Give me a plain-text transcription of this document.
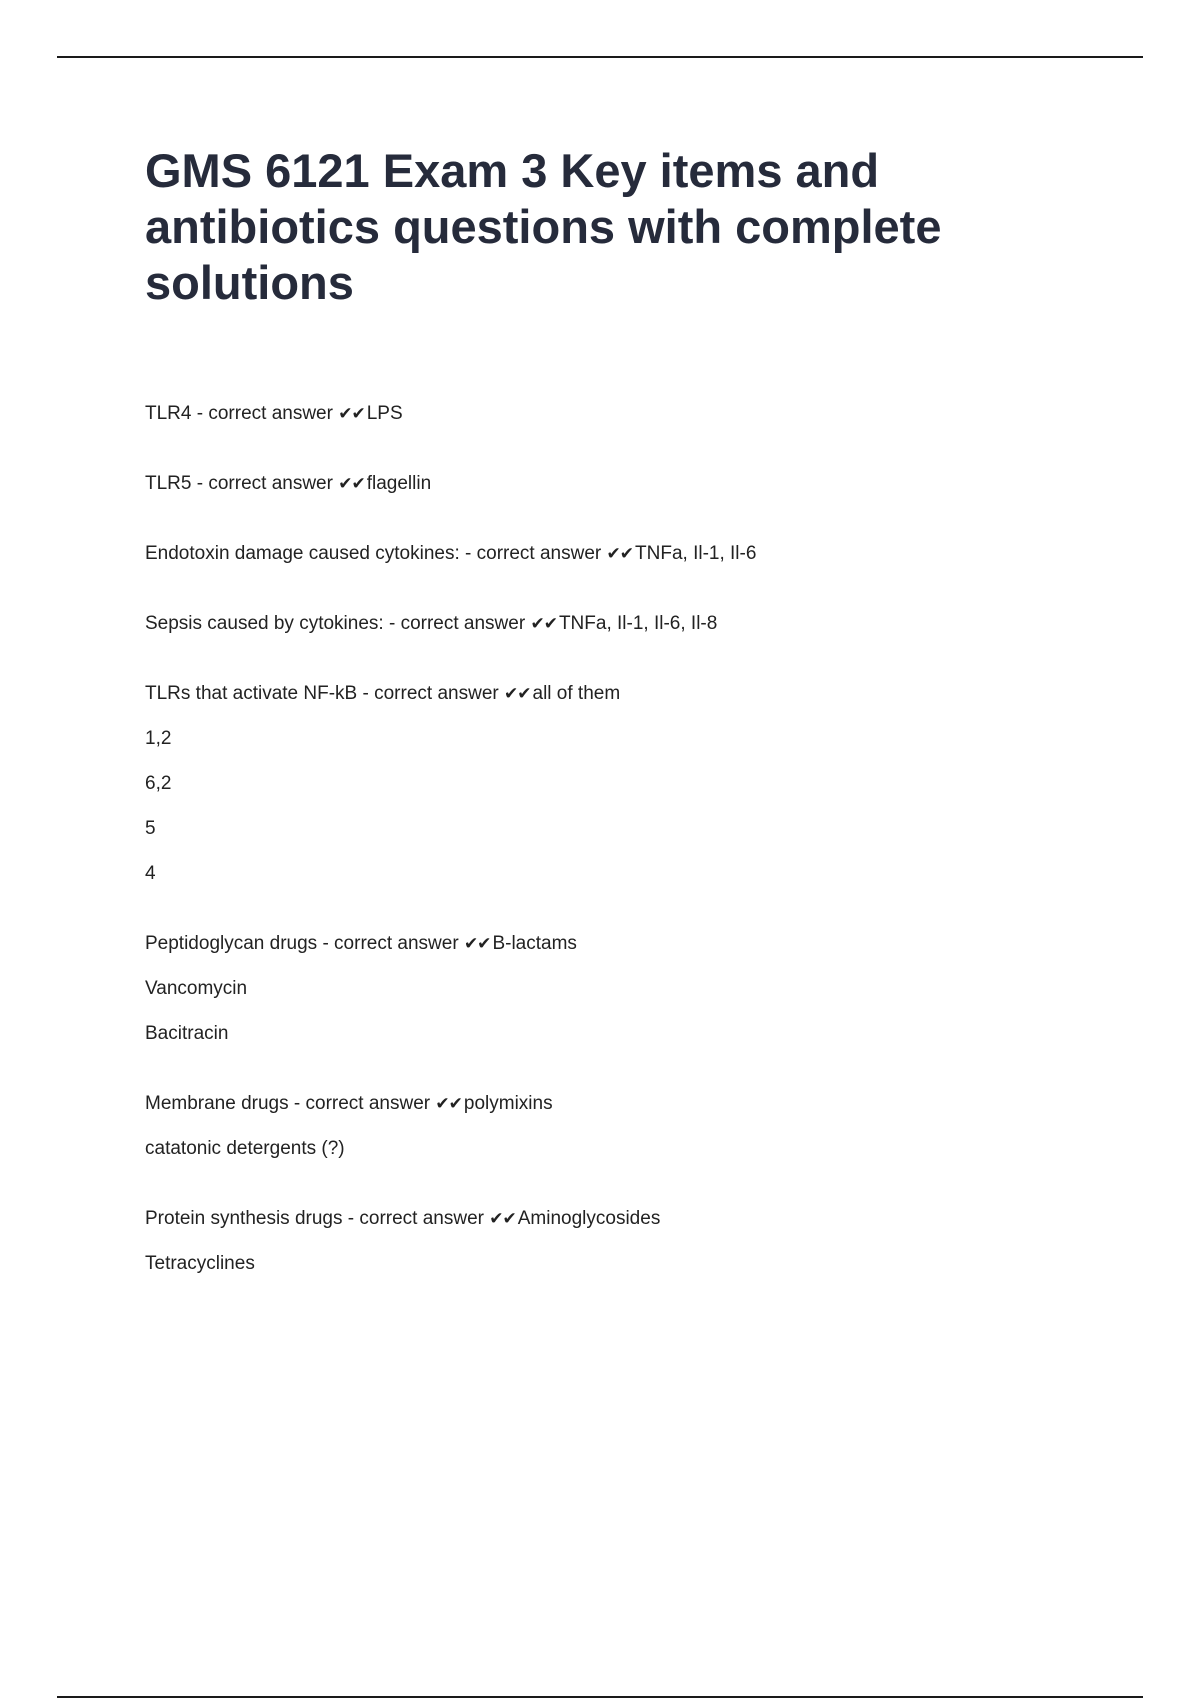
GMS 6121 Exam 3 Key items and antibiotics questions with complete solutions
TLR4 - correct answer ✔✔ LPS
TLR5 - correct answer ✔✔ flagellin
Endotoxin damage caused cytokines: - correct answer ✔✔ TNFa, Il-1, Il-6
Sepsis caused by cytokines: - correct answer ✔✔ TNFa, Il-1, Il-6, Il-8
TLRs that activate NF-kB - correct answer ✔✔ all of them
1,2
6,2
5
4
Peptidoglycan drugs - correct answer ✔✔ B-lactams
Vancomycin
Bacitracin
Membrane drugs - correct answer ✔✔ polymixins
catatonic detergents (?)
Protein synthesis drugs - correct answer ✔✔ Aminoglycosides
Tetracyclines
